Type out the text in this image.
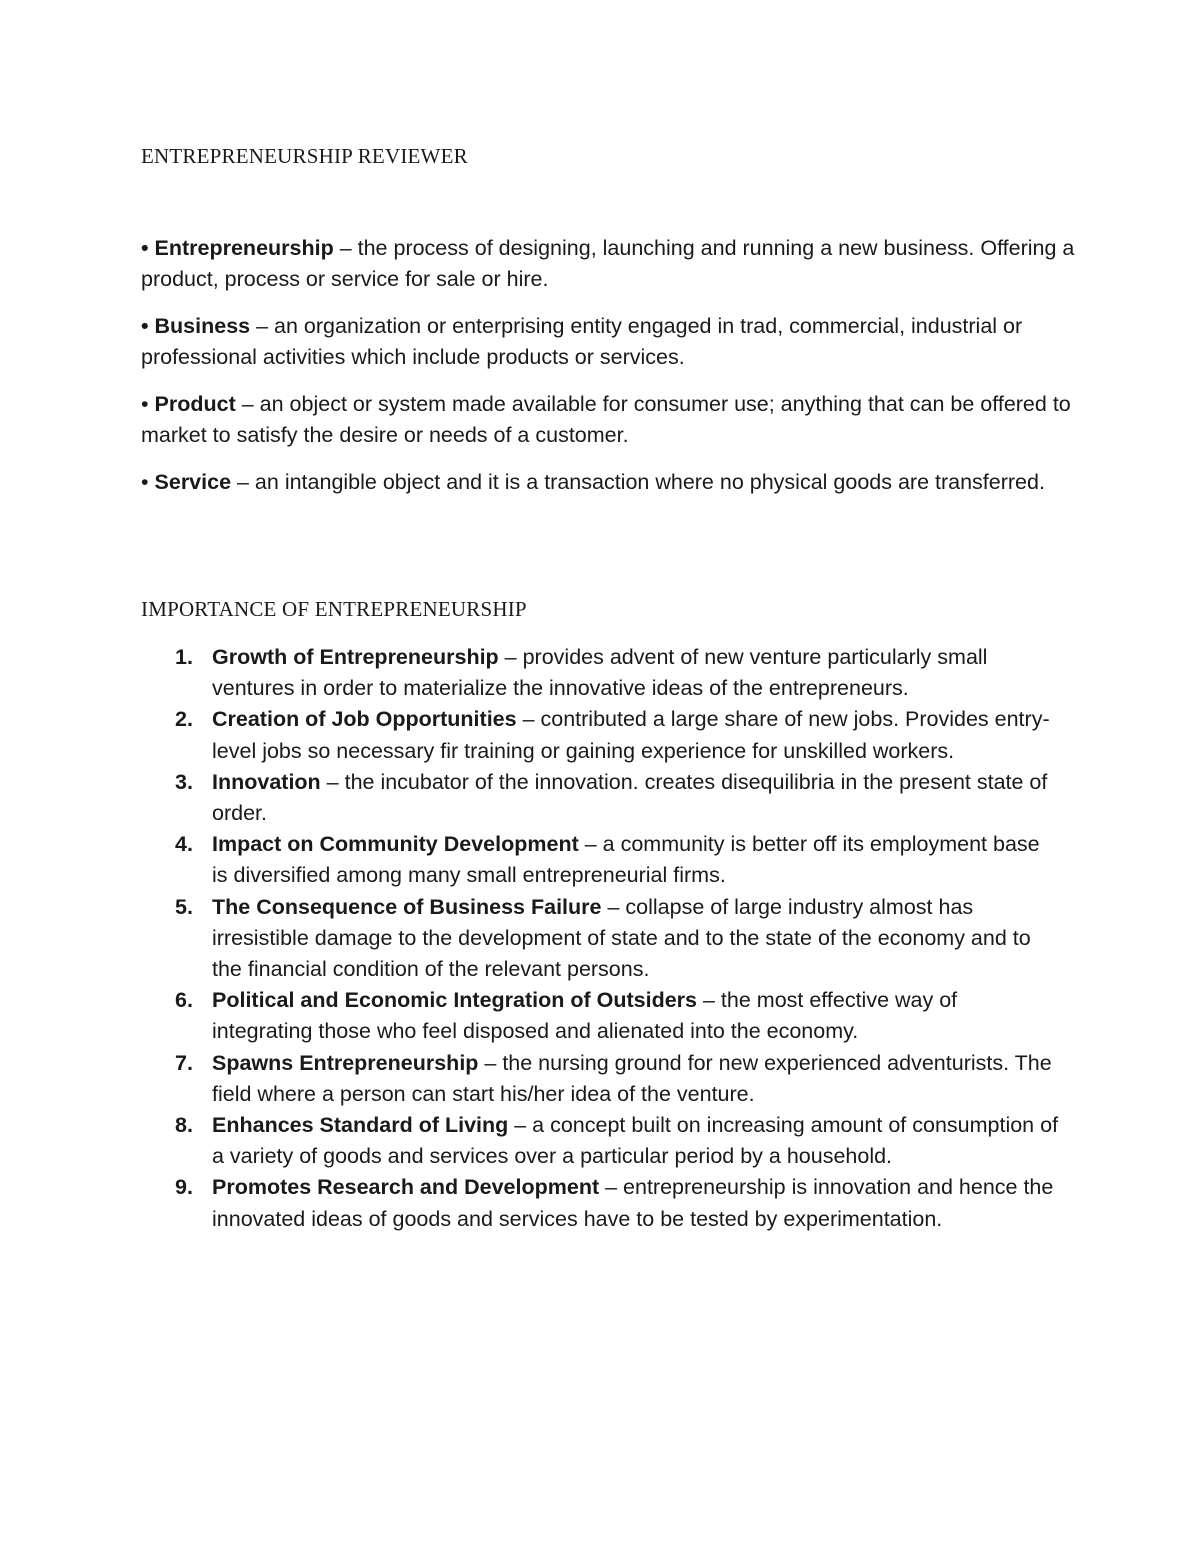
ENTREPRENEURSHIP REVIEWER

• Entrepreneurship – the process of designing, launching and running a new business. Offering a product, process or service for sale or hire.

• Business – an organization or enterprising entity engaged in trad, commercial, industrial or professional activities which include products or services.

• Product – an object or system made available for consumer use; anything that can be offered to market to satisfy the desire or needs of a customer.

• Service – an intangible object and it is a transaction where no physical goods are transferred.

IMPORTANCE OF ENTREPRENEURSHIP
1. Growth of Entrepreneurship – provides advent of new venture particularly small ventures in order to materialize the innovative ideas of the entrepreneurs.
2. Creation of Job Opportunities – contributed a large share of new jobs. Provides entry-level jobs so necessary fir training or gaining experience for unskilled workers.
3. Innovation – the incubator of the innovation. creates disequilibria in the present state of order.
4. Impact on Community Development – a community is better off its employment base is diversified among many small entrepreneurial firms.
5. The Consequence of Business Failure – collapse of large industry almost has irresistible damage to the development of state and to the state of the economy and to the financial condition of the relevant persons.
6. Political and Economic Integration of Outsiders – the most effective way of integrating those who feel disposed and alienated into the economy.
7. Spawns Entrepreneurship – the nursing ground for new experienced adventurists. The field where a person can start his/her idea of the venture.
8. Enhances Standard of Living – a concept built on increasing amount of consumption of a variety of goods and services over a particular period by a household.
9. Promotes Research and Development – entrepreneurship is innovation and hence the innovated ideas of goods and services have to be tested by experimentation.
